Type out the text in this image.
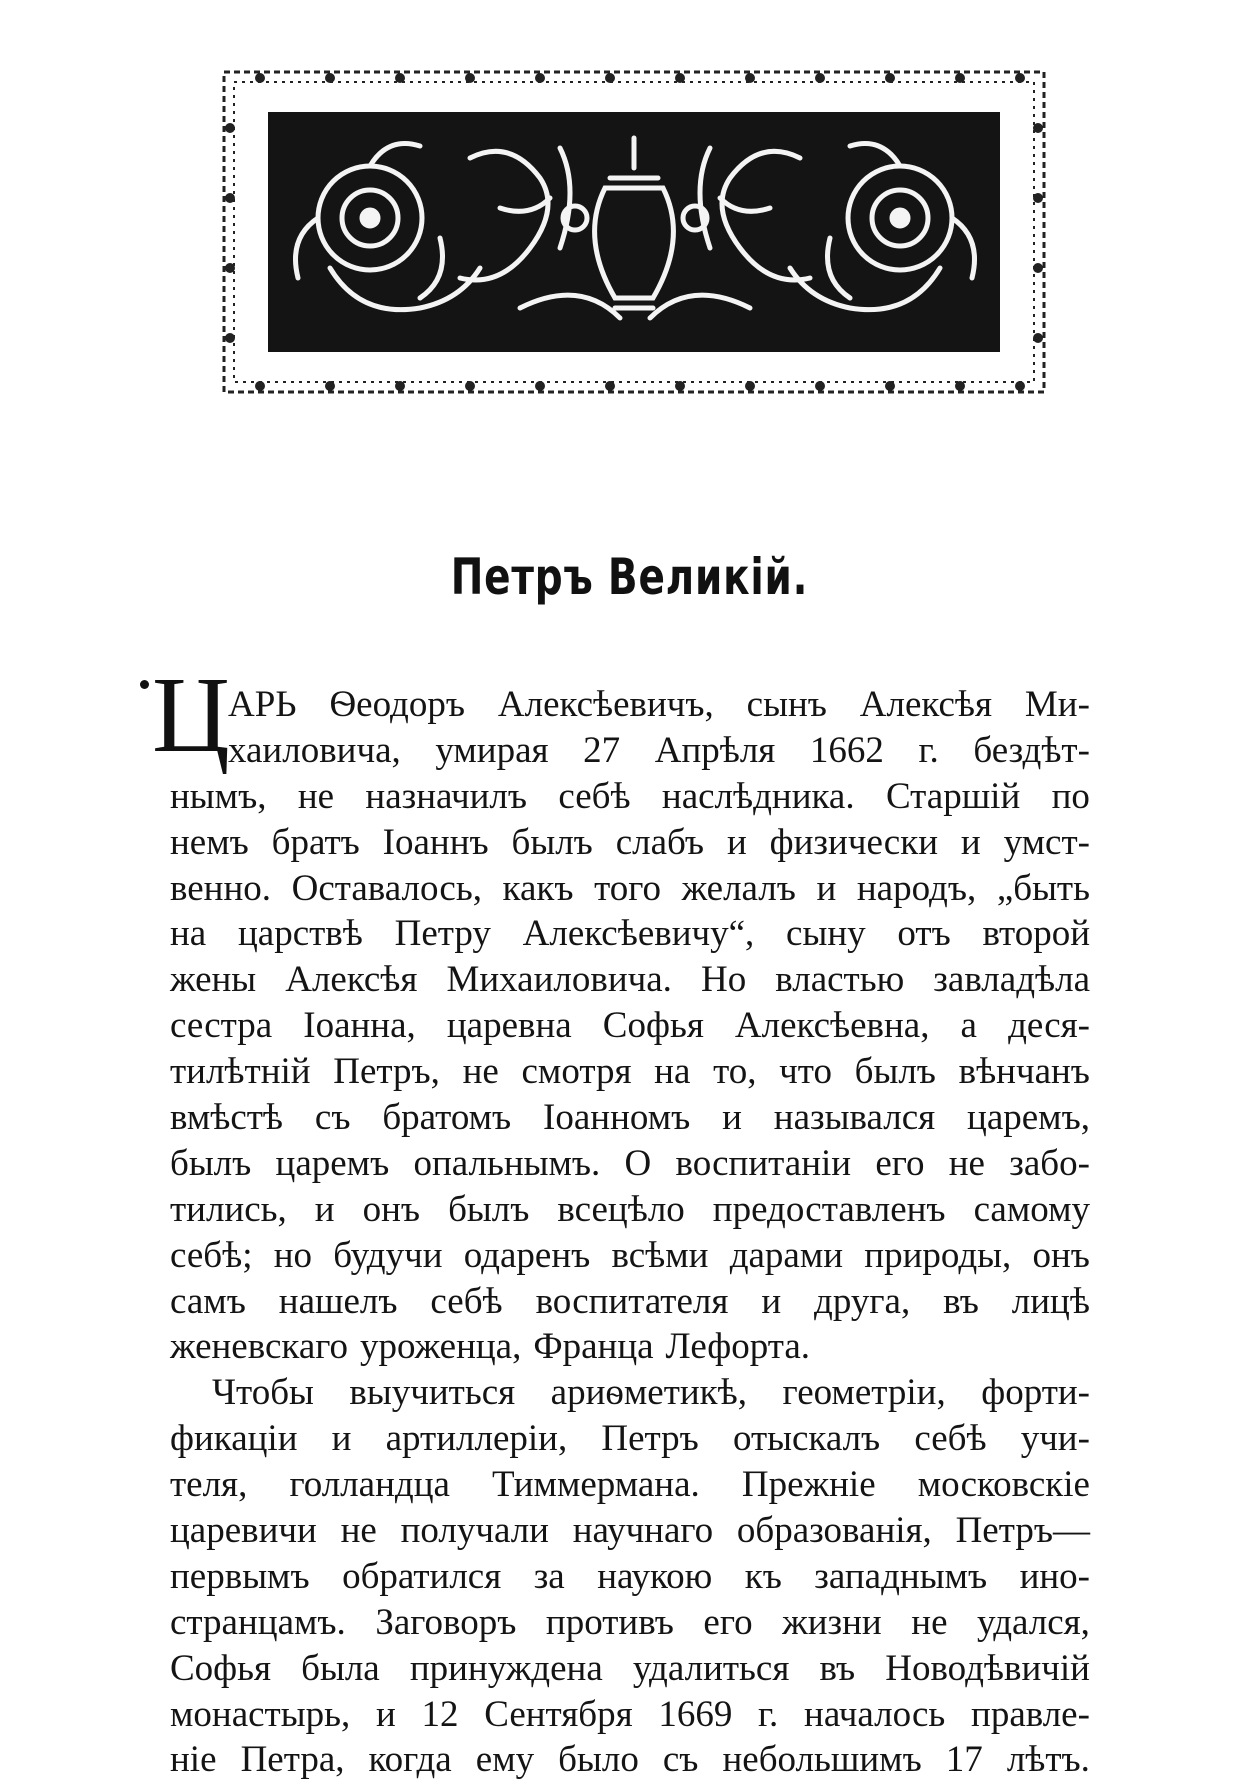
Петръ Великій.
Ц
АРЬ Ѳеодоръ Алексѣевичъ, сынъ Алексѣя Ми-
хаиловича, умирая 27 Апрѣля 1662 г. бездѣт-
нымъ, не назначилъ себѣ наслѣдника. Старшій по
немъ братъ Іоаннъ былъ слабъ и физически и умст-
венно. Оставалось, какъ того желалъ и народъ, „быть
на царствѣ Петру Алексѣевичу“, сыну отъ второй
жены Алексѣя Михаиловича. Но властью завладѣла
сестра Іоанна, царевна Софья Алексѣевна, а деся-
тилѣтній Петръ, не смотря на то, что былъ вѣнчанъ
вмѣстѣ съ братомъ Іоанномъ и назывался царемъ,
былъ царемъ опальнымъ. О воспитаніи его не забо-
тились, и онъ былъ всецѣло предоставленъ самому
себѣ; но будучи одаренъ всѣми дарами природы, онъ
самъ нашелъ себѣ воспитателя и друга, въ лицѣ
женевскаго уроженца, Франца Лефорта.
Чтобы выучиться ариѳметикѣ, геометріи, форти-
фикаціи и артиллеріи, Петръ отыскалъ себѣ учи-
теля, голландца Тиммермана. Прежніе московскіе
царевичи не получали научнаго образованія, Петръ—
первымъ обратился за наукою къ западнымъ ино-
странцамъ. Заговоръ противъ его жизни не удался,
Софья была принуждена удалиться въ Новодѣвичій
монастырь, и 12 Сентября 1669 г. началось правле-
ніе Петра, когда ему было съ небольшимъ 17 лѣтъ.
